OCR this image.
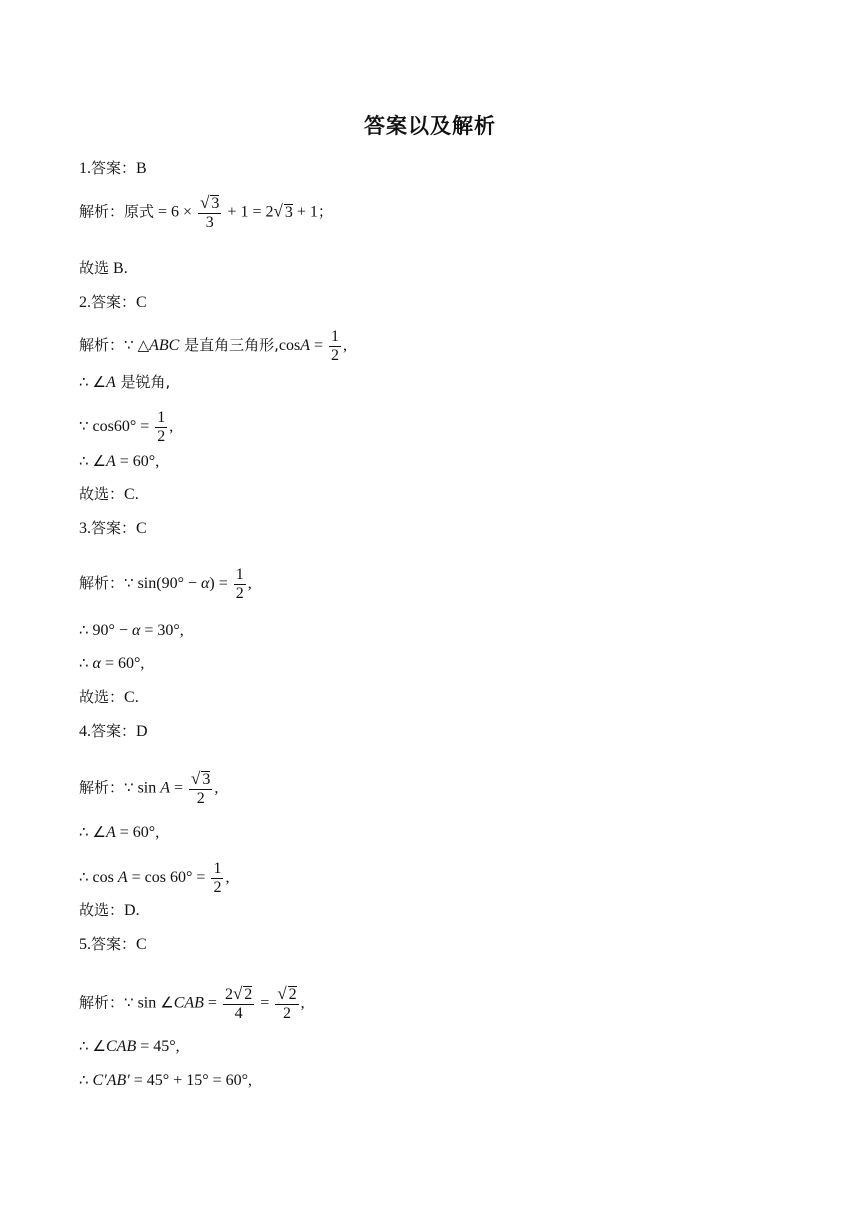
答案以及解析
1.答案：B
解析：原式 = $6 \times \frac{√ 3}{3} + 1 = 2√$ 3 + 1；
故选 B.
2.答案：C
解析：∵ △ABC 是直角三角形$,\cos A = \frac{1}{2}$ ,
∴ ∠A 是锐角,
∵ $\cos 60^\circ = \frac{1}{2}$ ,
∴ ∠A = 60°,
故选：C.
3.答案：C
解析：∵ $\sin(90^\circ - \alpha) = \frac{1}{2}$ ,
∴ 90° − α = 30°,
∴ α = 60°,
故选：C.
4.答案：D
解析：∵ $\sin A = \frac{√ 3}{2}$ ,
∴ ∠A = 60°,
∴ $\cos A = \cos 60^\circ = \frac{1}{2}$ ,
故选：D.
5.答案：C
解析：∵ sin ∠CAB = $\frac{2√ 2}{4} = \frac{√ 2}{2}$ ,
∴ ∠CAB = 45°,
∴ C′AB′ = 45° + 15° = 60°,
